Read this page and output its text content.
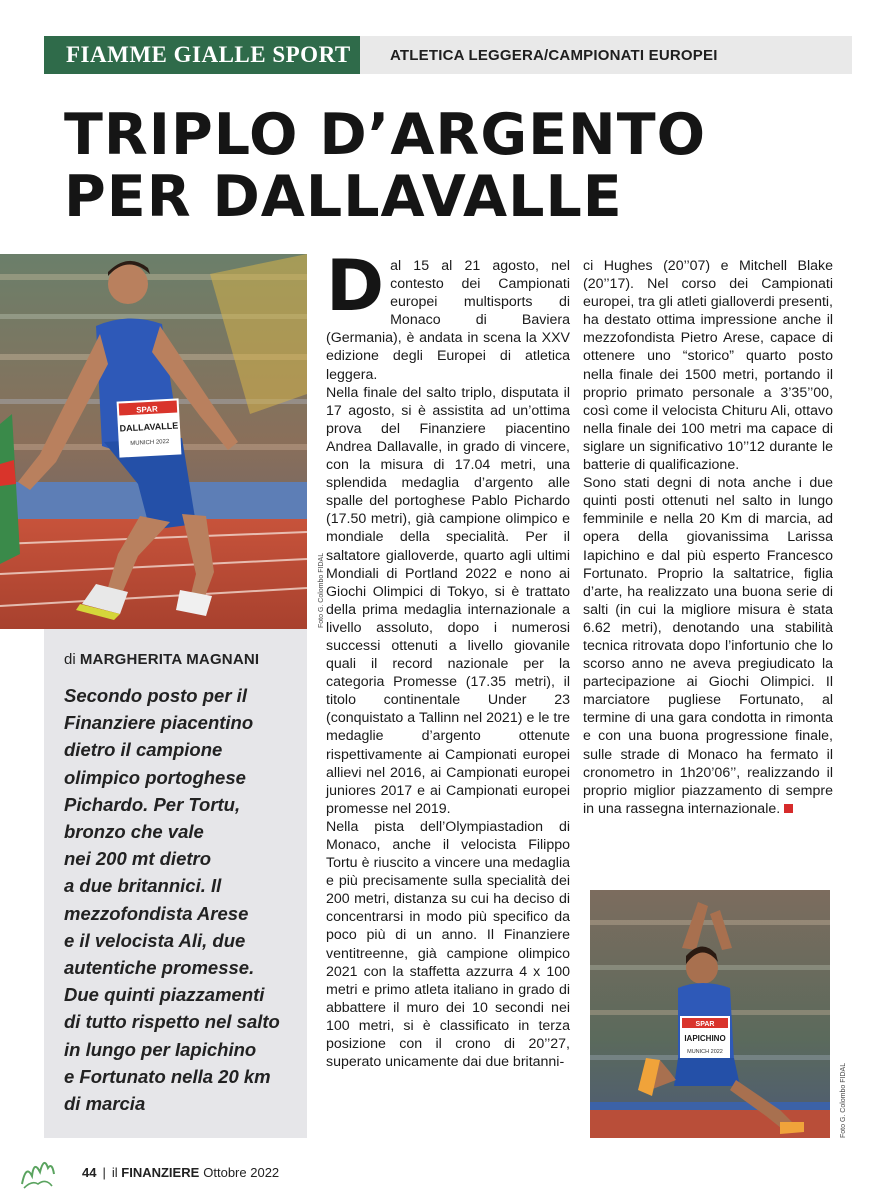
FIAMME GIALLE SPORT	ATLETICA LEGGERA/CAMPIONATI EUROPEI
TRIPLO D’ARGENTO
PER DALLAVALLE
SPAR
DALLAVALLE
MUNICH 2022
Foto G. Colombo FIDAL
di MARGHERITA MAGNANI
Secondo posto per il
Finanziere piacentino
dietro il campione
olimpico portoghese
Pichardo. Per Tortu,
bronzo che vale
nei 200 mt dietro
a due britannici. Il
mezzofondista Arese
e il velocista Ali, due
autentiche promesse.
Due quinti piazzamenti
di tutto rispetto nel salto
in lungo per Iapichino
e Fortunato nella 20 km
di marcia
D al 15 al 21 agosto, nel contesto dei Campionati europei multisports di Monaco di Baviera (Germania), è andata in scena la XXV edizione degli Europei di atletica leggera.

Nella finale del salto triplo, disputata il 17 agosto, si è assistita ad un’ottima prova del Finanziere piacentino Andrea Dallavalle, in grado di vincere, con la misura di 17.04 metri, una splendida medaglia d’argento alle spalle del portoghese Pablo Pichardo (17.50 metri), già campione olimpico e mondiale della specialità. Per il saltatore gialloverde, quarto agli ultimi Mondiali di Portland 2022 e nono ai Giochi Olimpici di Tokyo, si è trattato della prima medaglia internazionale a livello assoluto, dopo i numerosi successi ottenuti a livello giovanile quali il record nazionale per la categoria Promesse (17.35 metri), il titolo continentale Under 23 (conquistato a Tallinn nel 2021) e le tre medaglie d’argento ottenute rispettivamente ai Campionati europei allievi nel 2016, ai Campionati europei juniores 2017 e ai Campionati europei promesse nel 2019.

Nella pista dell’Olympiastadion di Monaco, anche il velocista Filippo Tortu è riuscito a vincere una medaglia e più precisamente sulla specialità dei 200 metri, distanza su cui ha deciso di concentrarsi in modo più specifico da poco più di un anno. Il Finanziere ventitreenne, già campione olimpico 2021 con la staffetta azzurra 4 x 100 metri e primo atleta italiano in grado di abbattere il muro dei 10 secondi nei 100 metri, si è classificato in terza posizione con il crono di 20’’27, superato unicamente dai due britanni-

ci Hughes (20’’07) e Mitchell Blake (20’’17). Nel corso dei Campionati europei, tra gli atleti gialloverdi presenti, ha destato ottima impressione anche il mezzofondista Pietro Arese, capace di ottenere uno “storico” quarto posto nella finale dei 1500 metri, portando il proprio primato personale a 3’35’’00, così come il velocista Chituru Ali, ottavo nella finale dei 100 metri ma capace di siglare un significativo 10’’12 durante le batterie di qualificazione.

Sono stati degni di nota anche i due quinti posti ottenuti nel salto in lungo femminile e nella 20 Km di marcia, ad opera della giovanissima Larissa Iapichino e dal più esperto Francesco Fortunato. Proprio la saltatrice, figlia d’arte, ha realizzato una buona serie di salti (in cui la migliore misura è stata 6.62 metri), denotando una stabilità tecnica ritrovata dopo l’infortunio che lo scorso anno ne aveva pregiudicato la partecipazione ai Giochi Olimpici. Il marciatore pugliese Fortunato, al termine di una gara condotta in rimonta e con una buona progressione finale, sulle strade di Monaco ha fermato il cronometro in 1h20’06’’, realizzando il proprio miglior piazzamento di sempre in una rassegna internazionale.

SPAR
IAPICHINO
MUNICH 2022
Foto G. Colombo FIDAL
44 | il FINANZIERE Ottobre 2022
